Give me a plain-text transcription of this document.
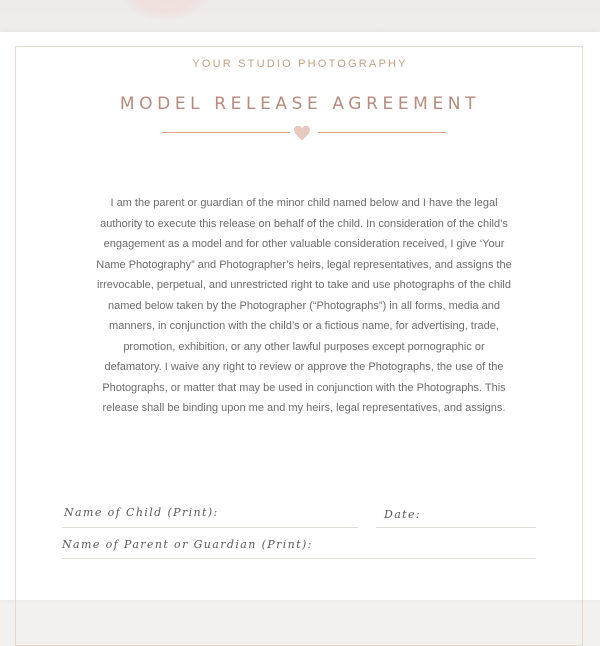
YOUR STUDIO PHOTOGRAPHY
MODEL RELEASE AGREEMENT
I am the parent or guardian of the minor child named below and I have the legal
authority to execute this release on behalf of the child. In consideration of the child’s
engagement as a model and for other valuable consideration received, I give ‘Your
Name Photography” and Photographer’s heirs, legal representatives, and assigns the
irrevocable, perpetual, and unrestricted right to take and use photographs of the child
named below taken by the Photographer (“Photographs”) in all forms, media and
manners, in conjunction with the child’s or a fictious name, for advertising, trade,
promotion, exhibition, or any other lawful purposes except pornographic or
defamatory. I waive any right to review or approve the Photographs, the use of the
Photographs, or matter that may be used in conjunction with the Photographs. This
release shall be binding upon me and my heirs, legal representatives, and assigns.
Name of Child (Print):	Date:
Name of Parent or Guardian (Print):
